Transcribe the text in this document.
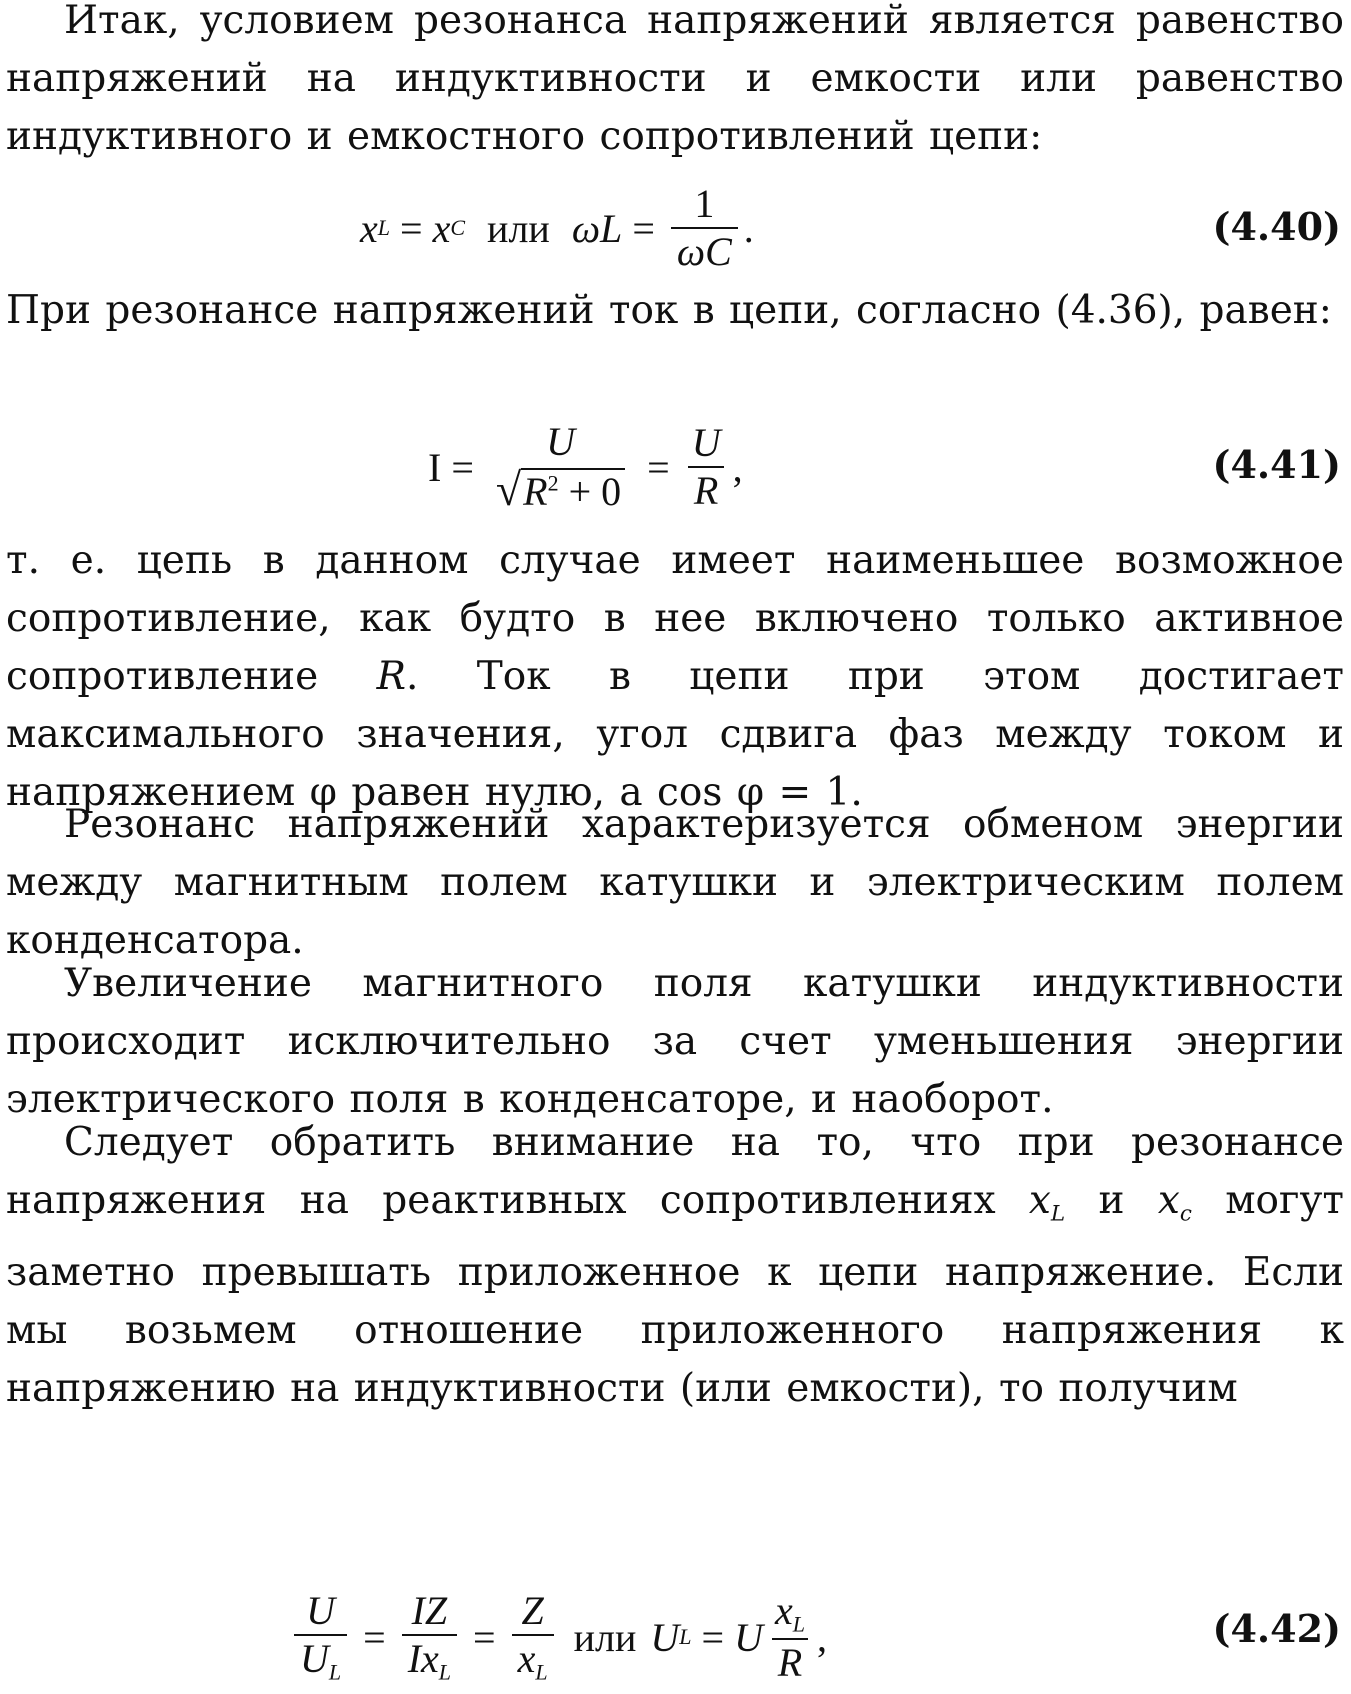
Итак, условием резонанса напряжений является равенство напряжений на индуктивности и емкости или равенство индуктивного и емкостного сопротивлений цепи:

x L = x C или $\omega L = \frac{1}{\omega C}$ .	(4.40)

При резонансе напряжений ток в цепи, согласно (4.36), равен:

I =
U
√ $R^2 + 0$
= $\frac{U}{R}$ ,	(4.41)

т. е. цепь в данном случае имеет наименьшее возможное сопротивление, как будто в нее включено только активное сопротивление R. Ток в цепи при этом достигает максимального значения, угол сдвига фаз между током и напряжением φ равен нулю, а cos φ = 1.

Резонанс напряжений характеризуется обменом энергии между магнитным полем катушки и электрическим полем конденсатора.

Увеличение магнитного поля катушки индуктивности происходит исключительно за счет уменьшения энергии электрического поля в конденсаторе, и наоборот.

Следует обратить внимание на то, что при резонансе напряжения на реактивных сопротивлениях $x_L$ и $x_c$ могут заметно превышать приложенное к цепи напряжение. Если мы возьмем отношение приложенного напряжения к напряжению на индуктивности (или емкости), то получим

$\frac{U}{U_L} = \frac{IZ}{Ix_L} = \frac{Z}{x_L}$ или U L = U $\frac{x_L}{R}$ ,	(4.42)
